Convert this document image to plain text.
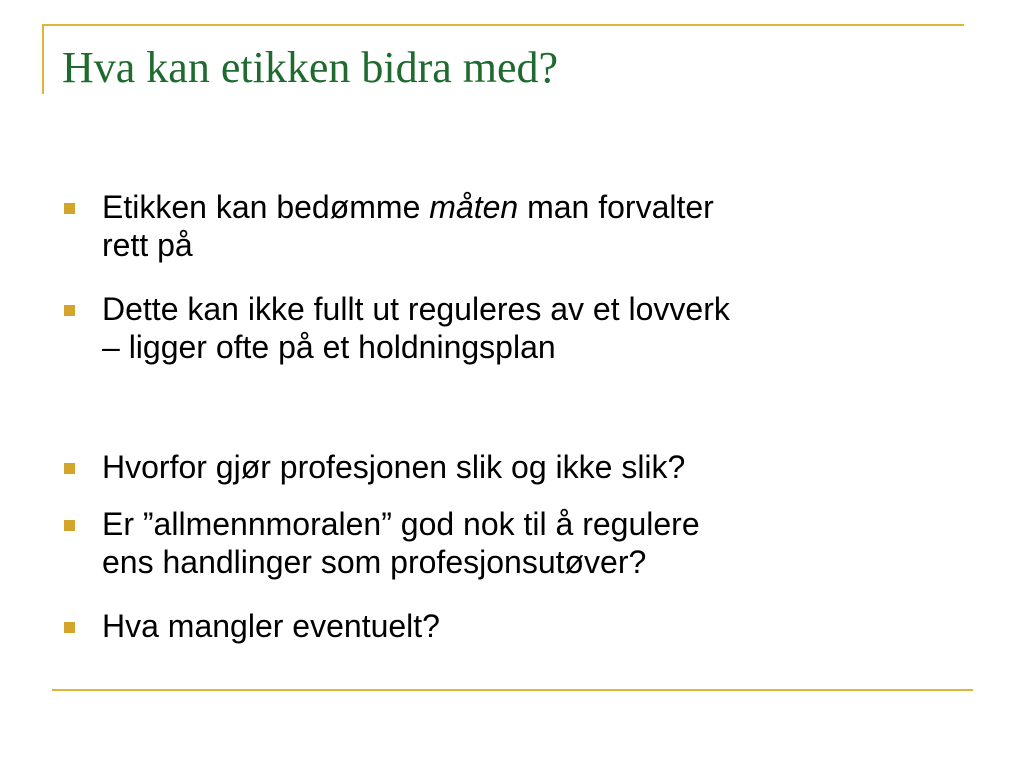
Hva kan etikken bidra med?

Etikken kan bedømme måten man forvalter
rett på

Dette kan ikke fullt ut reguleres av et lovverk
– ligger ofte på et holdningsplan

Hvorfor gjør profesjonen slik og ikke slik?

Er ”allmennmoralen” god nok til å regulere
ens handlinger som profesjonsutøver?

Hva mangler eventuelt?
